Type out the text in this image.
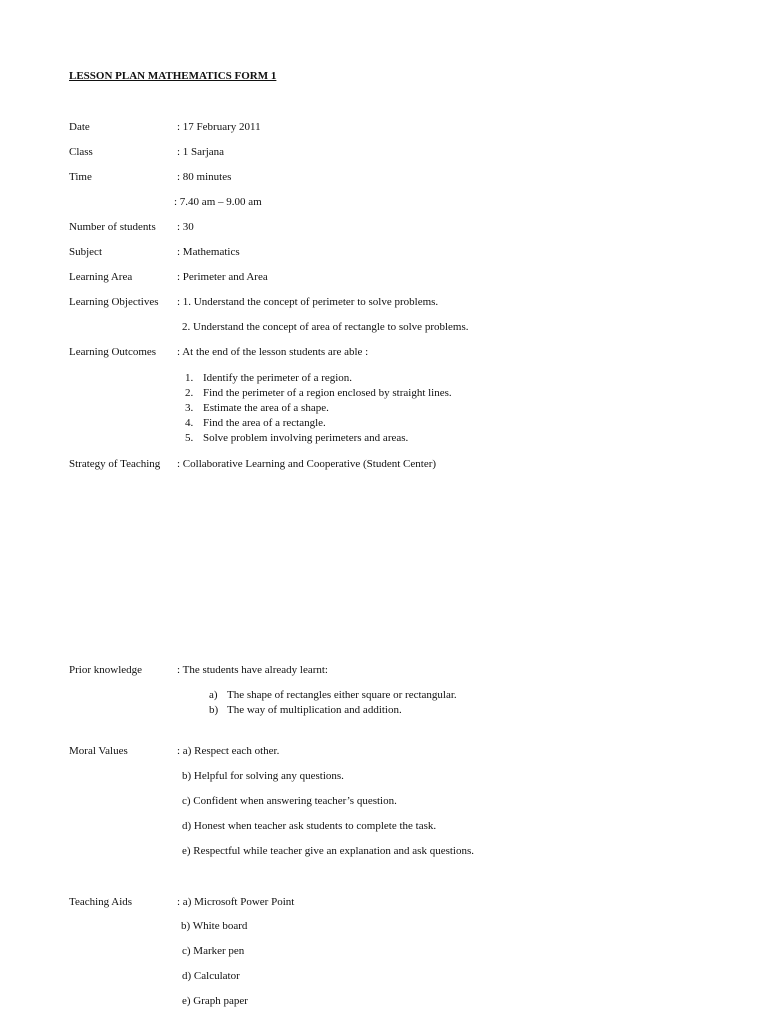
LESSON PLAN MATHEMATICS FORM 1
Date	: 17 February 2011
Class	: 1 Sarjana
Time	: 80 minutes
: 7.40 am – 9.00 am
Number of students : 30
Subject	: Mathematics
Learning Area	: Perimeter and Area
Learning Objectives : 1. Understand the concept of perimeter to solve problems.
2. Understand the concept of area of rectangle to solve problems.
Learning Outcomes : At the end of the lesson students are able :
1. Identify the perimeter of a region.
2. Find the perimeter of a region enclosed by straight lines.
3. Estimate the area of a shape.
4. Find the area of a rectangle.
5. Solve problem involving perimeters and areas.
Strategy of Teaching : Collaborative Learning and Cooperative (Student Center)
Prior knowledge	: The students have already learnt:
a) The shape of rectangles either square or rectangular.
b) The way of multiplication and addition.
Moral Values	: a) Respect each other.
b) Helpful for solving any questions.
c) Confident when answering teacher’s question.
d) Honest when teacher ask students to complete the task.
e) Respectful while teacher give an explanation and ask questions.
Teaching Aids	: a) Microsoft Power Point
b) White board
c) Marker pen
d) Calculator
e) Graph paper
